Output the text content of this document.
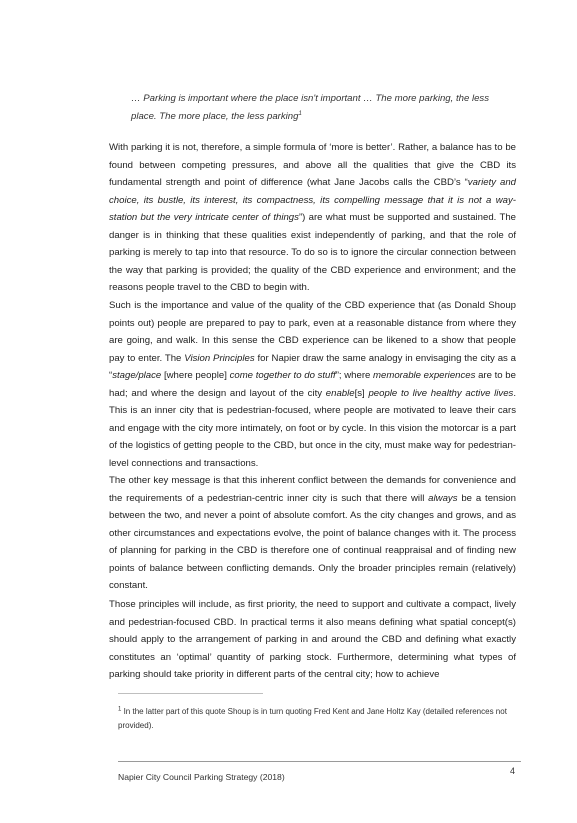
… Parking is important where the place isn't important … The more parking, the less place. The more place, the less parking$^1$

With parking it is not, therefore, a simple formula of ‘more is better’. Rather, a balance has to be found between competing pressures, and above all the qualities that give the CBD its fundamental strength and point of difference (what Jane Jacobs calls the CBD’s “variety and choice, its bustle, its interest, its compactness, its compelling message that it is not a way-station but the very intricate center of things”) are what must be supported and sustained. The danger is in thinking that these qualities exist independently of parking, and that the role of parking is merely to tap into that resource. To do so is to ignore the circular connection between the way that parking is provided; the quality of the CBD experience and environment; and the reasons people travel to the CBD to begin with.

Such is the importance and value of the quality of the CBD experience that (as Donald Shoup points out) people are prepared to pay to park, even at a reasonable distance from where they are going, and walk. In this sense the CBD experience can be likened to a show that people pay to enter. The Vision Principles for Napier draw the same analogy in envisaging the city as a “stage/place [where people] come together to do stuff”; where memorable experiences are to be had; and where the design and layout of the city enable[s] people to live healthy active lives. This is an inner city that is pedestrian-focused, where people are motivated to leave their cars and engage with the city more intimately, on foot or by cycle. In this vision the motorcar is a part of the logistics of getting people to the CBD, but once in the city, must make way for pedestrian-level connections and transactions.

The other key message is that this inherent conflict between the demands for convenience and the requirements of a pedestrian-centric inner city is such that there will always be a tension between the two, and never a point of absolute comfort. As the city changes and grows, and as other circumstances and expectations evolve, the point of balance changes with it. The process of planning for parking in the CBD is therefore one of continual reappraisal and of finding new points of balance between conflicting demands. Only the broader principles remain (relatively) constant.

Those principles will include, as first priority, the need to support and cultivate a compact, lively and pedestrian-focused CBD. In practical terms it also means defining what spatial concept(s) should apply to the arrangement of parking in and around the CBD and defining what exactly constitutes an ‘optimal’ quantity of parking stock. Furthermore, determining what types of parking should take priority in different parts of the central city; how to achieve

$^1$ In the latter part of this quote Shoup is in turn quoting Fred Kent and Jane Holtz Kay (detailed references not provided).

Napier City Council Parking Strategy (2018)
4
